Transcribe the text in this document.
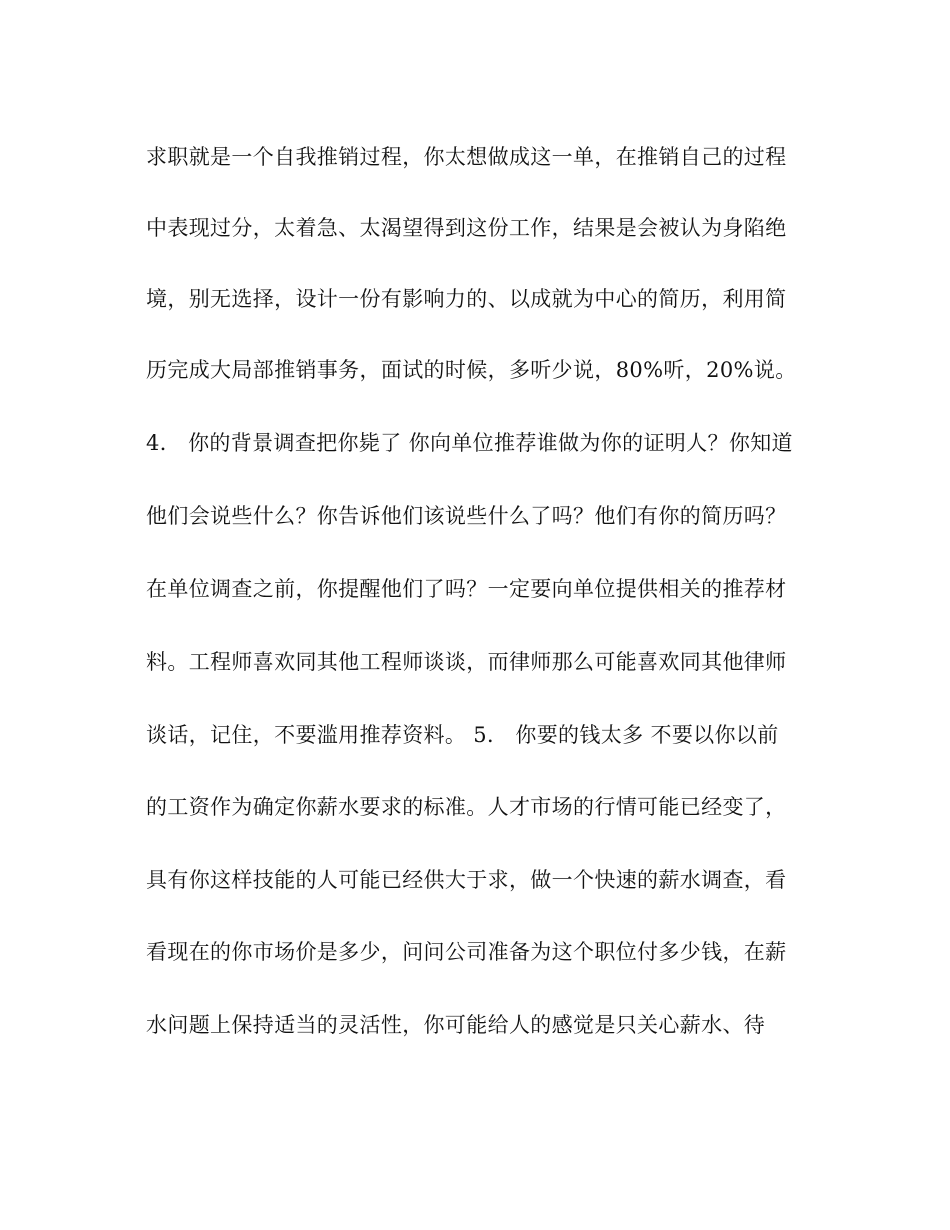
求职就是一个自我推销过程，你太想做成这一单，在推销自己的过程

中表现过分，太着急、太渴望得到这份工作，结果是会被认为身陷绝

境，别无选择，设计一份有影响力的、以成就为中心的简历，利用简

历完成大局部推销事务，面试的时候，多听少说，80%听，20%说。

4． 你的背景调查把你毙了 你向单位推荐谁做为你的证明人？你知道

他们会说些什么？你告诉他们该说些什么了吗？他们有你的简历吗？

在单位调查之前，你提醒他们了吗？一定要向单位提供相关的推荐材

料。工程师喜欢同其他工程师谈谈，而律师那么可能喜欢同其他律师

谈话，记住，不要滥用推荐资料。 5． 你要的钱太多 不要以你以前

的工资作为确定你薪水要求的标准。人才市场的行情可能已经变了，

具有你这样技能的人可能已经供大于求，做一个快速的薪水调查，看

看现在的你市场价是多少，问问公司准备为这个职位付多少钱，在薪

水问题上保持适当的灵活性，你可能给人的感觉是只关心薪水、待
